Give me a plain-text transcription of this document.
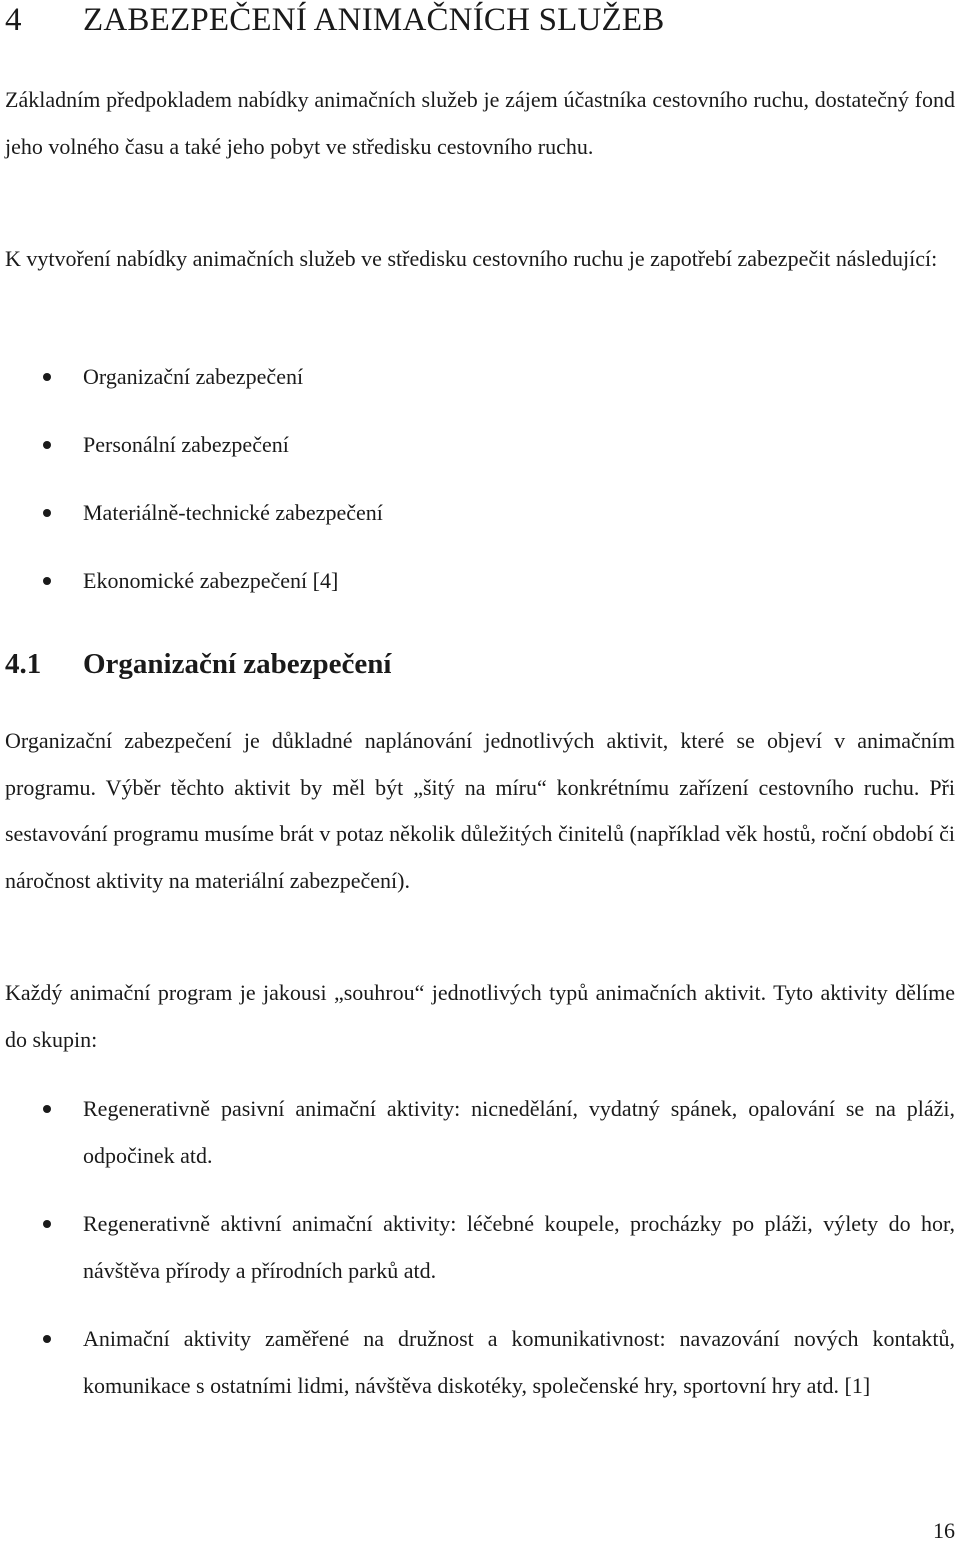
4 ZABEZPEČENÍ ANIMAČNÍCH SLUŽEB

Základním předpokladem nabídky animačních služeb je zájem účastníka cestovního ruchu, dostatečný fond jeho volného času a také jeho pobyt ve středisku cestovního ruchu.

K vytvoření nabídky animačních služeb ve středisku cestovního ruchu je zapotřebí zabezpečit následující:

Organizační zabezpečení
Personální zabezpečení
Materiálně-technické zabezpečení
Ekonomické zabezpečení [4]
4.1 Organizační zabezpečení

Organizační zabezpečení je důkladné naplánování jednotlivých aktivit, které se objeví v animačním programu. Výběr těchto aktivit by měl být „šitý na míru“ konkrétnímu zařízení cestovního ruchu. Při sestavování programu musíme brát v potaz několik důležitých činitelů (například věk hostů, roční období či náročnost aktivity na materiální zabezpečení).

Každý animační program je jakousi „souhrou“ jednotlivých typů animačních aktivit. Tyto aktivity dělíme do skupin:

Regenerativně pasivní animační aktivity: nicnedělání, vydatný spánek, opalování se na pláži, odpočinek atd.
Regenerativně aktivní animační aktivity: léčebné koupele, procházky po pláži, výlety do hor, návštěva přírody a přírodních parků atd.
Animační aktivity zaměřené na družnost a komunikativnost: navazování nových kontaktů, komunikace s ostatními lidmi, návštěva diskotéky, společenské hry, sportovní hry atd. [1]
16
